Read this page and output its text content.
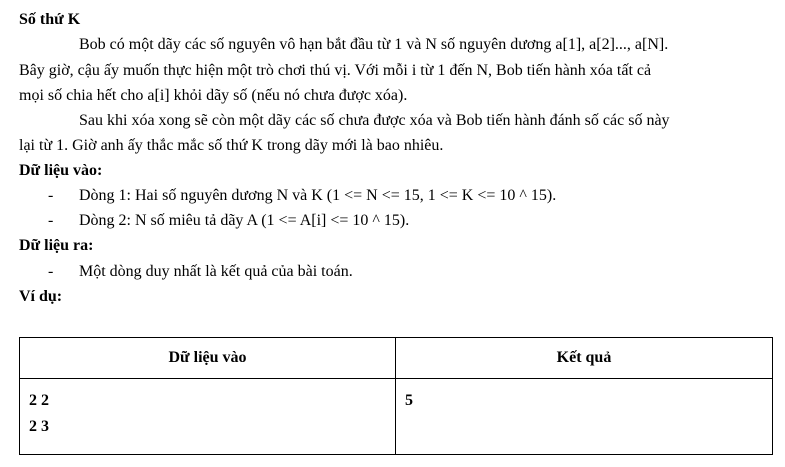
Số thứ K
Bob có một dãy các số nguyên vô hạn bắt đầu từ 1 và N số nguyên dương a[1], a[2]..., a[N].
Bây giờ, cậu ấy muốn thực hiện một trò chơi thú vị. Với mỗi i từ 1 đến N, Bob tiến hành xóa tất cả
mọi số chia hết cho a[i] khỏi dãy số (nếu nó chưa được xóa).
Sau khi xóa xong sẽ còn một dãy các số chưa được xóa và Bob tiến hành đánh số các số này
lại từ 1. Giờ anh ấy thắc mắc số thứ K trong dãy mới là bao nhiêu.
Dữ liệu vào:
- Dòng 1: Hai số nguyên dương N và K (1 <= N <= 15, 1 <= K <= 10 ^ 15).
- Dòng 2: N số miêu tả dãy A (1 <= A[i] <= 10 ^ 15).
Dữ liệu ra:
- Một dòng duy nhất là kết quả của bài toán.
Ví dụ:
Dữ liệu vào	Kết quả

2 2
2 3	5
